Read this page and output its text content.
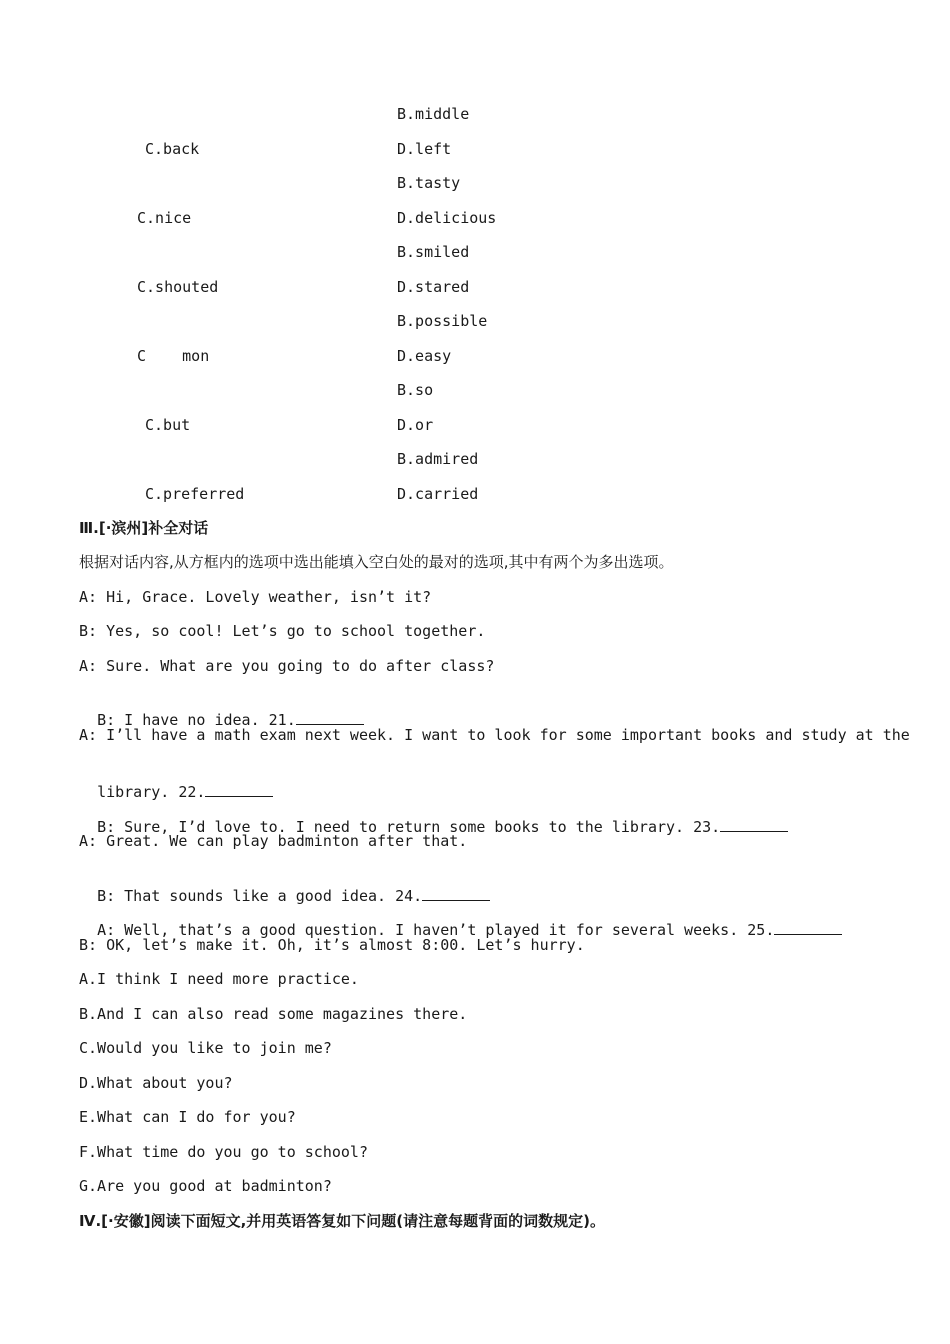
B.middle
C.back	D.left
B.tasty
C.nice	D.delicious
B.smiled
C.shouted	D.stared
B.possible
C    mon	D.easy
B.so
C.but	D.or
B.admired
C.preferred	D.carried
Ⅲ.[·滨州]补全对话
根据对话内容,从方框内的选项中选出能填入空白处的最对的选项,其中有两个为多出选项。
A: Hi, Grace. Lovely weather, isn’t it?
B: Yes, so cool! Let’s go to school together.
A: Sure. What are you going to do after class?

B: I have no idea. 21.

A: I’ll have a math exam next week. I want to look for some important books and study at the

library. 22.

B: Sure, I’d love to. I need to return some books to the library. 23.

A: Great. We can play badminton after that.

B: That sounds like a good idea. 24.

A: Well, that’s a good question. I haven’t played it for several weeks. 25.

B: OK, let’s make it. Oh, it’s almost 8:00. Let’s hurry.
A.I think I need more practice.
B.And I can also read some magazines there.
C.Would you like to join me?
D.What about you?
E.What can I do for you?
F.What time do you go to school?
G.Are you good at badminton?
Ⅳ.[·安徽]阅读下面短文,并用英语答复如下问题(请注意每题背面的词数规定)。
